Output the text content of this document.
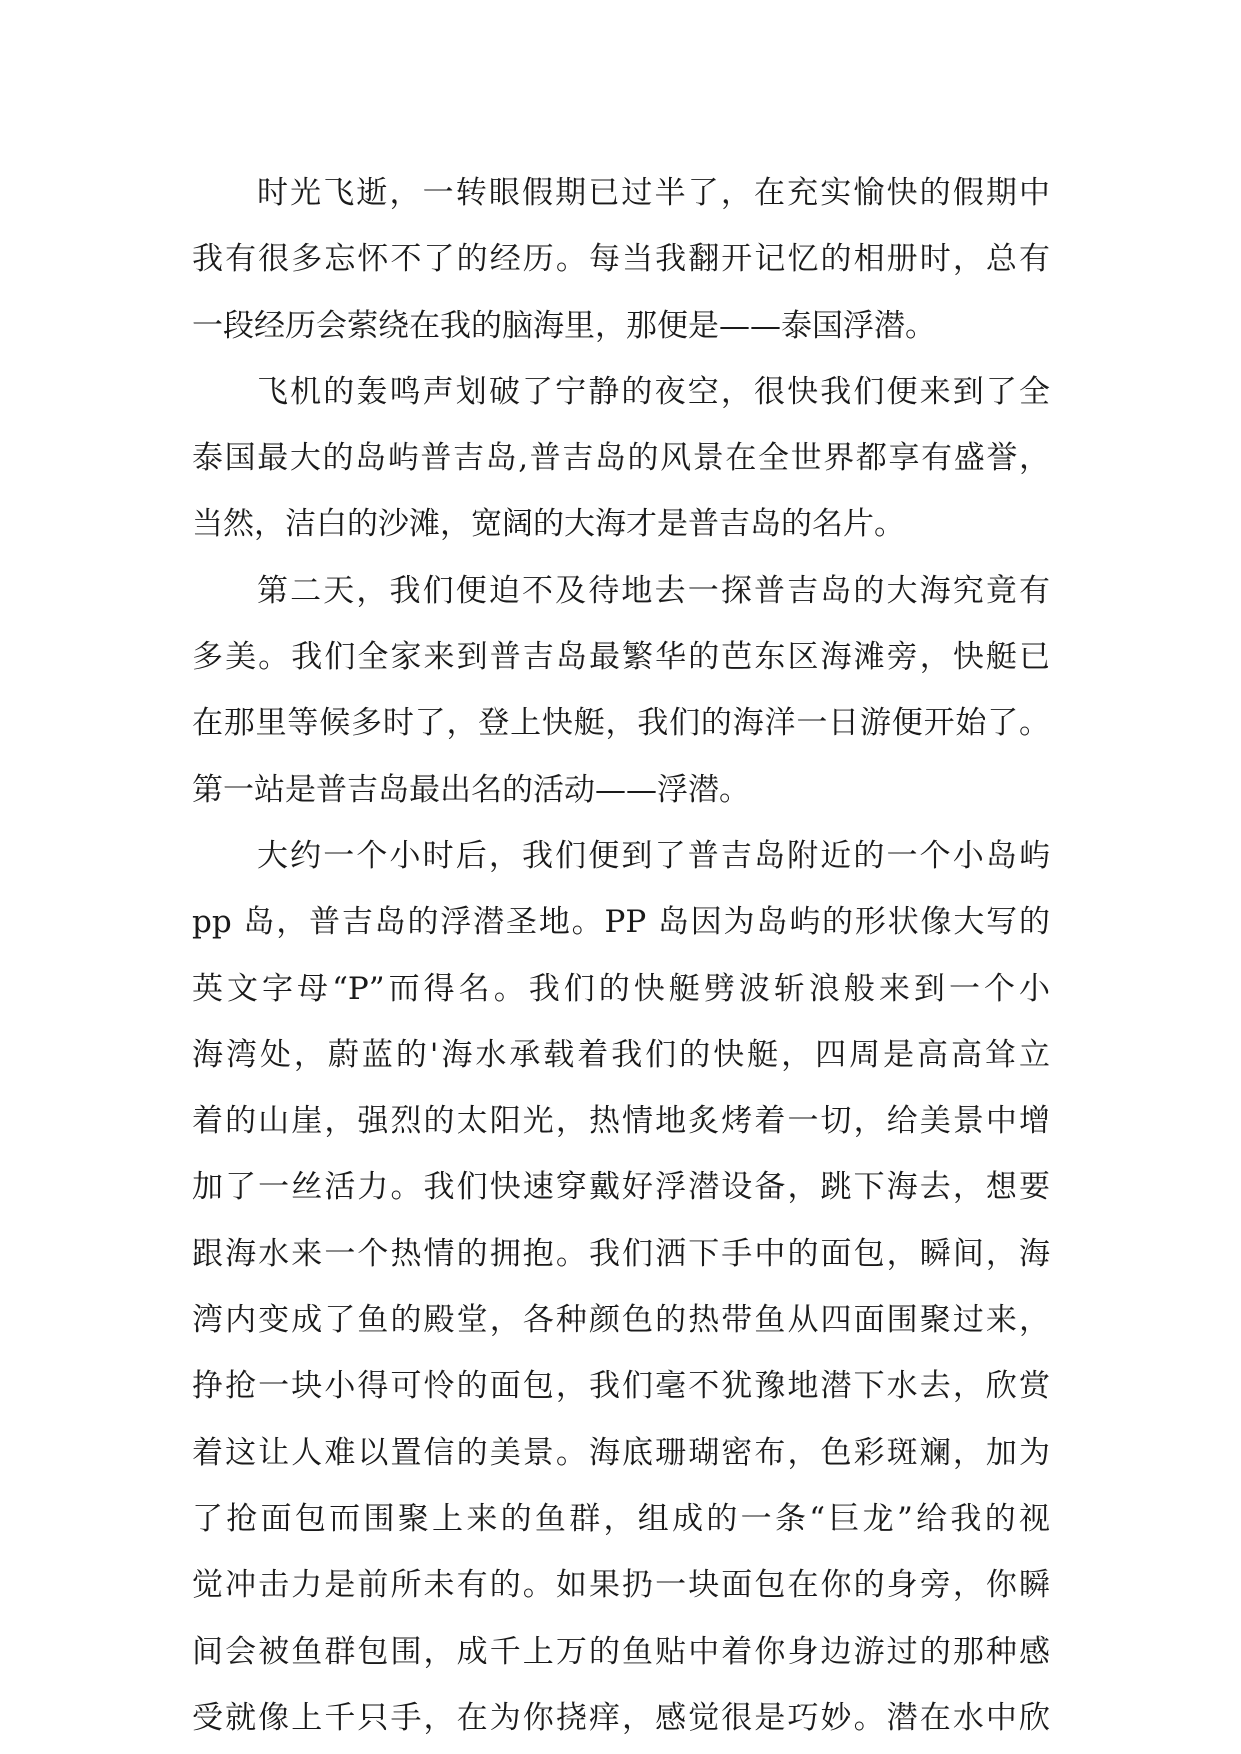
时光飞逝，一转眼假期已过半了，在充实愉快的假期中
我有很多忘怀不了的经历。每当我翻开记忆的相册时，总有
一段经历会萦绕在我的脑海里，那便是——泰国浮潜。
飞机的轰鸣声划破了宁静的夜空，很快我们便来到了全
泰国最大的岛屿普吉岛,普吉岛的风景在全世界都享有盛誉，
当然，洁白的沙滩，宽阔的大海才是普吉岛的名片。
第二天，我们便迫不及待地去一探普吉岛的大海究竟有
多美。我们全家来到普吉岛最繁华的芭东区海滩旁，快艇已
在那里等候多时了，登上快艇，我们的海洋一日游便开始了。
第一站是普吉岛最出名的活动——浮潜。
大约一个小时后，我们便到了普吉岛附近的一个小岛屿
pp 岛，普吉岛的浮潜圣地。PP 岛因为岛屿的形状像大写的
英文字母“P”而得名。我们的快艇劈波斩浪般来到一个小
海湾处，蔚蓝的'海水承载着我们的快艇，四周是高高耸立
着的山崖，强烈的太阳光，热情地炙烤着一切，给美景中增
加了一丝活力。我们快速穿戴好浮潜设备，跳下海去，想要
跟海水来一个热情的拥抱。我们洒下手中的面包，瞬间，海
湾内变成了鱼的殿堂，各种颜色的热带鱼从四面围聚过来，
挣抢一块小得可怜的面包，我们毫不犹豫地潜下水去，欣赏
着这让人难以置信的美景。海底珊瑚密布，色彩斑斓，加为
了抢面包而围聚上来的鱼群，组成的一条“巨龙”给我的视
觉冲击力是前所未有的。如果扔一块面包在你的身旁，你瞬
间会被鱼群包围，成千上万的鱼贴中着你身边游过的那种感
受就像上千只手，在为你挠痒，感觉很是巧妙。潜在水中欣
